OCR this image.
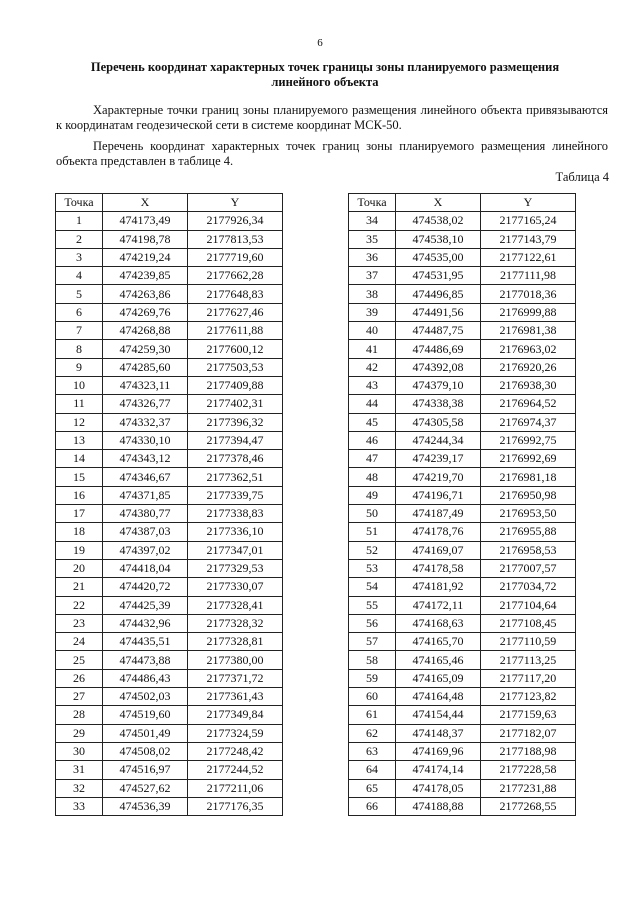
6
Перечень координат характерных точек границы зоны планируемого размещения линейного объекта
Характерные точки границ зоны планируемого размещения линейного объекта привязываются к координатам геодезической сети в системе координат МСК-50.
Перечень координат характерных точек границ зоны планируемого размещения линейного объекта представлен в таблице 4.
Таблица 4
Точка	X	Y
1	474173,49	2177926,34
2	474198,78	2177813,53
3	474219,24	2177719,60
4	474239,85	2177662,28
5	474263,86	2177648,83
6	474269,76	2177627,46
7	474268,88	2177611,88
8	474259,30	2177600,12
9	474285,60	2177503,53
10	474323,11	2177409,88
11	474326,77	2177402,31
12	474332,37	2177396,32
13	474330,10	2177394,47
14	474343,12	2177378,46
15	474346,67	2177362,51
16	474371,85	2177339,75
17	474380,77	2177338,83
18	474387,03	2177336,10
19	474397,02	2177347,01
20	474418,04	2177329,53
21	474420,72	2177330,07
22	474425,39	2177328,41
23	474432,96	2177328,32
24	474435,51	2177328,81
25	474473,88	2177380,00
26	474486,43	2177371,72
27	474502,03	2177361,43
28	474519,60	2177349,84
29	474501,49	2177324,59
30	474508,02	2177248,42
31	474516,97	2177244,52
32	474527,62	2177211,06
33	474536,39	2177176,35
Точка	X	Y
34	474538,02	2177165,24
35	474538,10	2177143,79
36	474535,00	2177122,61
37	474531,95	2177111,98
38	474496,85	2177018,36
39	474491,56	2176999,88
40	474487,75	2176981,38
41	474486,69	2176963,02
42	474392,08	2176920,26
43	474379,10	2176938,30
44	474338,38	2176964,52
45	474305,58	2176974,37
46	474244,34	2176992,75
47	474239,17	2176992,69
48	474219,70	2176981,18
49	474196,71	2176950,98
50	474187,49	2176953,50
51	474178,76	2176955,88
52	474169,07	2176958,53
53	474178,58	2177007,57
54	474181,92	2177034,72
55	474172,11	2177104,64
56	474168,63	2177108,45
57	474165,70	2177110,59
58	474165,46	2177113,25
59	474165,09	2177117,20
60	474164,48	2177123,82
61	474154,44	2177159,63
62	474148,37	2177182,07
63	474169,96	2177188,98
64	474174,14	2177228,58
65	474178,05	2177231,88
66	474188,88	2177268,55
